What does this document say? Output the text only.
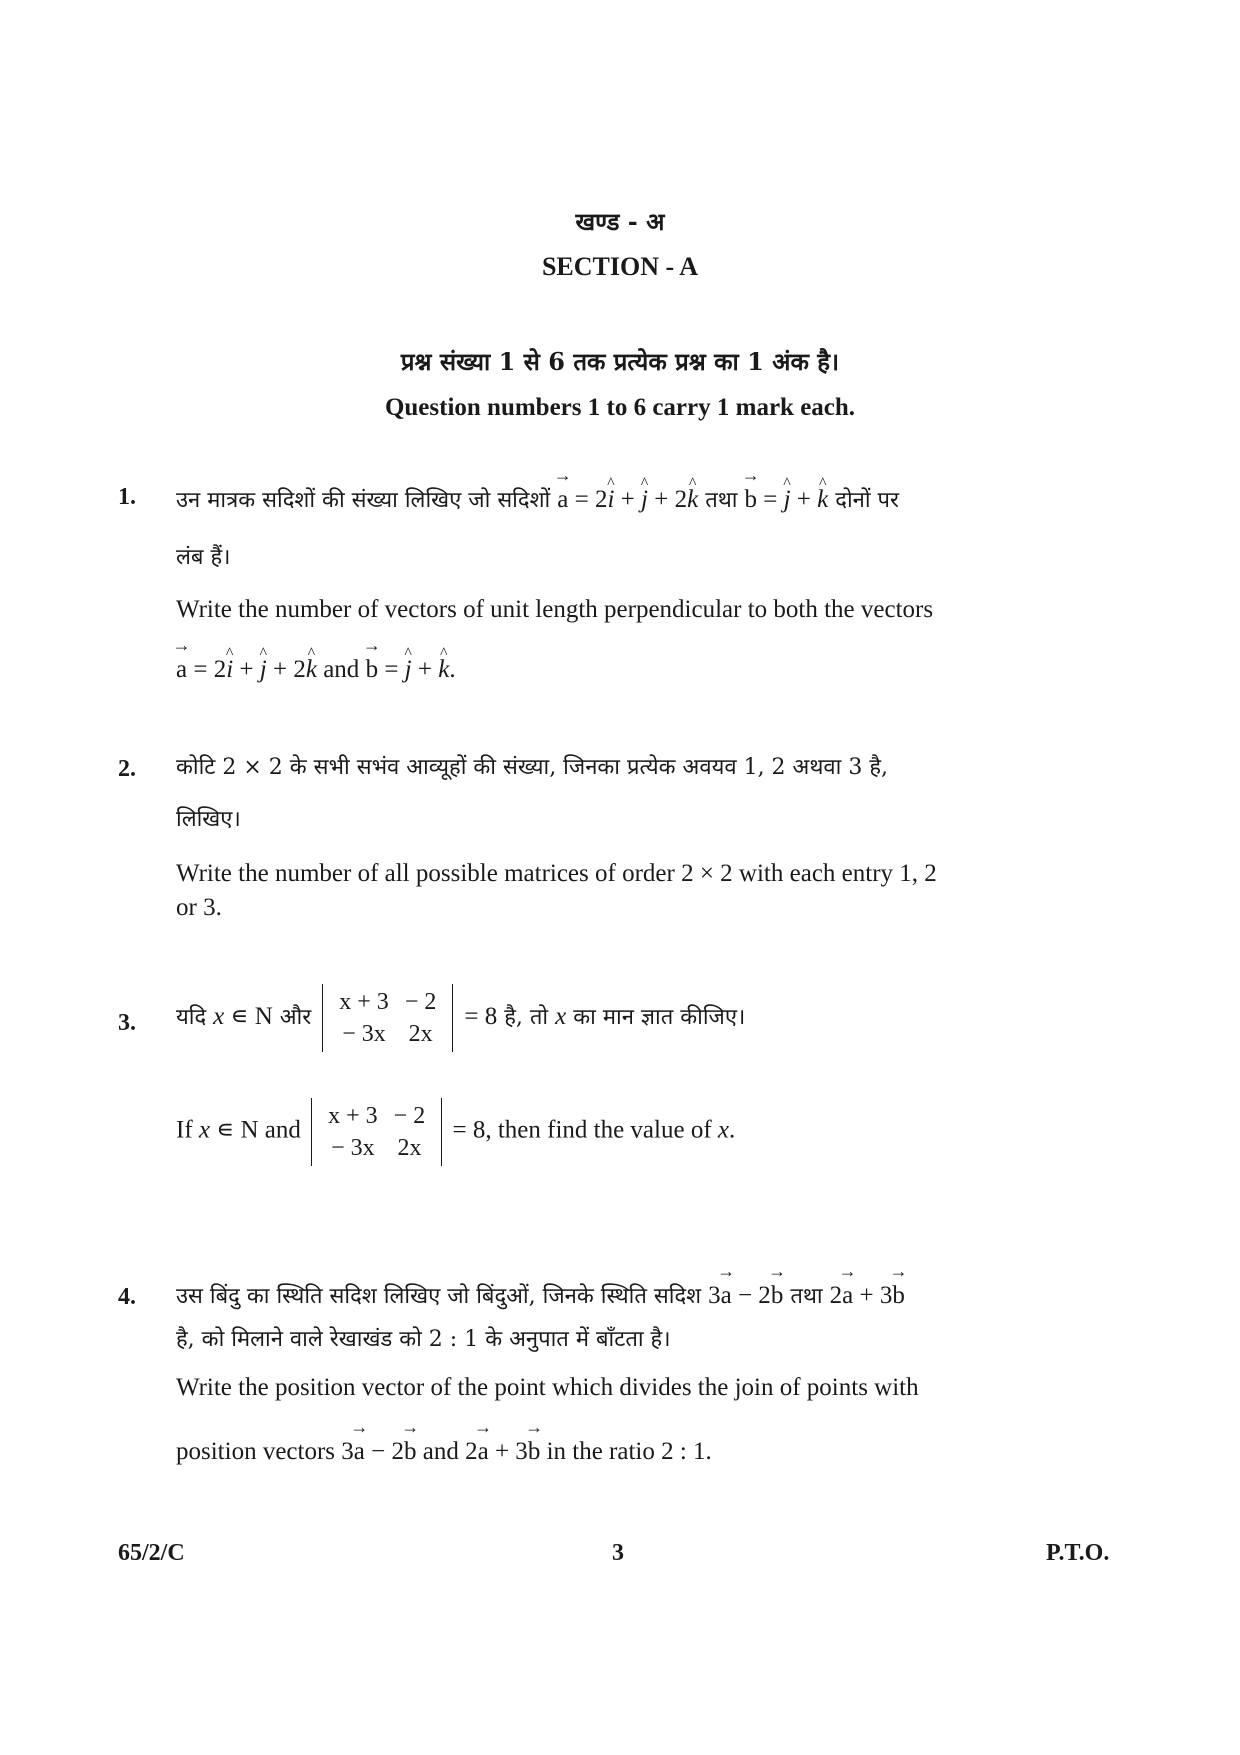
खण्ड - अ
SECTION - A
प्रश्न संख्या 1 से 6 तक प्रत्येक प्रश्न का 1 अंक है।
Question numbers 1 to 6 carry 1 mark each.
1. उन मात्रक सदिशों की संख्या लिखिए जो सदिशों → a = 2^ i + ^ j + 2^ k तथा → b = ^ j + ^ k दोनों पर
लंब हैं।
Write the number of vectors of unit length perpendicular to both the vectors
→ a = 2^ i + ^ j + 2^ k and → b = ^ j + ^ k.
2. कोटि 2 × 2 के सभी सभंव आव्यूहों की संख्या, जिनका प्रत्येक अवयव 1, 2 अथवा 3 है,
लिखिए।
Write the number of all possible matrices of order 2 × 2 with each entry 1, 2
or 3.
3. यदि x ∊ N और
x + 3	− 2
− 3x	2x
= 8 है, तो x का मान ज्ञात कीजिए।
If x ∊ N and
x + 3	− 2
− 3x	2x
= 8, then find the value of x.
4. उस बिंदु का स्थिति सदिश लिखिए जो बिंदुओं, जिनके स्थिति सदिश 3→ a − 2→ b तथा 2→ a + 3→ b
है, को मिलाने वाले रेखाखंड को 2 : 1 के अनुपात में बाँटता है।
Write the position vector of the point which divides the join of points with
position vectors 3→ a − 2→ b and 2→ a + 3→ b in the ratio 2 : 1.
65/2/C	3	P.T.O.
